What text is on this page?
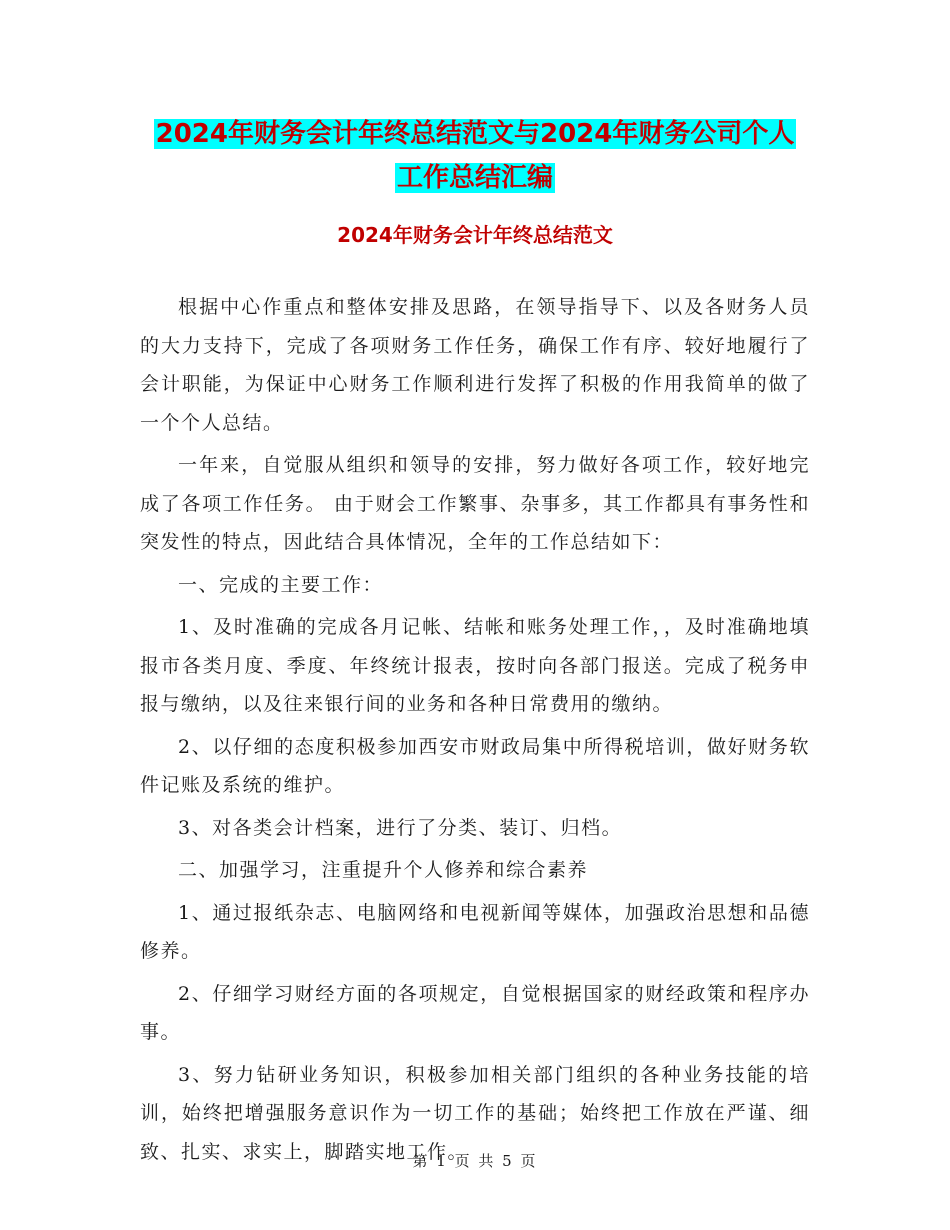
2024年财务会计年终总结范文与2024年财务公司个人
工作总结汇编
2024年财务会计年终总结范文

根据中心作重点和整体安排及思路，在领导指导下、以及各财务人员的大力支持下，完成了各项财务工作任务，确保工作有序、较好地履行了会计职能，为保证中心财务工作顺利进行发挥了积极的作用我简单的做了一个个人总结。

一年来，自觉服从组织和领导的安排，努力做好各项工作，较好地完成了各项工作任务。 由于财会工作繁事、杂事多，其工作都具有事务性和突发性的特点，因此结合具体情况，全年的工作总结如下：

一、完成的主要工作：

1、及时准确的完成各月记帐、结帐和账务处理工作，，及时准确地填报市各类月度、季度、年终统计报表，按时向各部门报送。完成了税务申报与缴纳，以及往来银行间的业务和各种日常费用的缴纳。

2、以仔细的态度积极参加西安市财政局集中所得税培训，做好财务软件记账及系统的维护。

3、对各类会计档案，进行了分类、装订、归档。

二、加强学习，注重提升个人修养和综合素养

1、通过报纸杂志、电脑网络和电视新闻等媒体，加强政治思想和品德修养。

2、仔细学习财经方面的各项规定，自觉根据国家的财经政策和程序办事。

3、努力钻研业务知识，积极参加相关部门组织的各种业务技能的培训，始终把增强服务意识作为一切工作的基础；始终把工作放在严谨、细致、扎实、求实上，脚踏实地工作。

第 1 页 共 5 页
